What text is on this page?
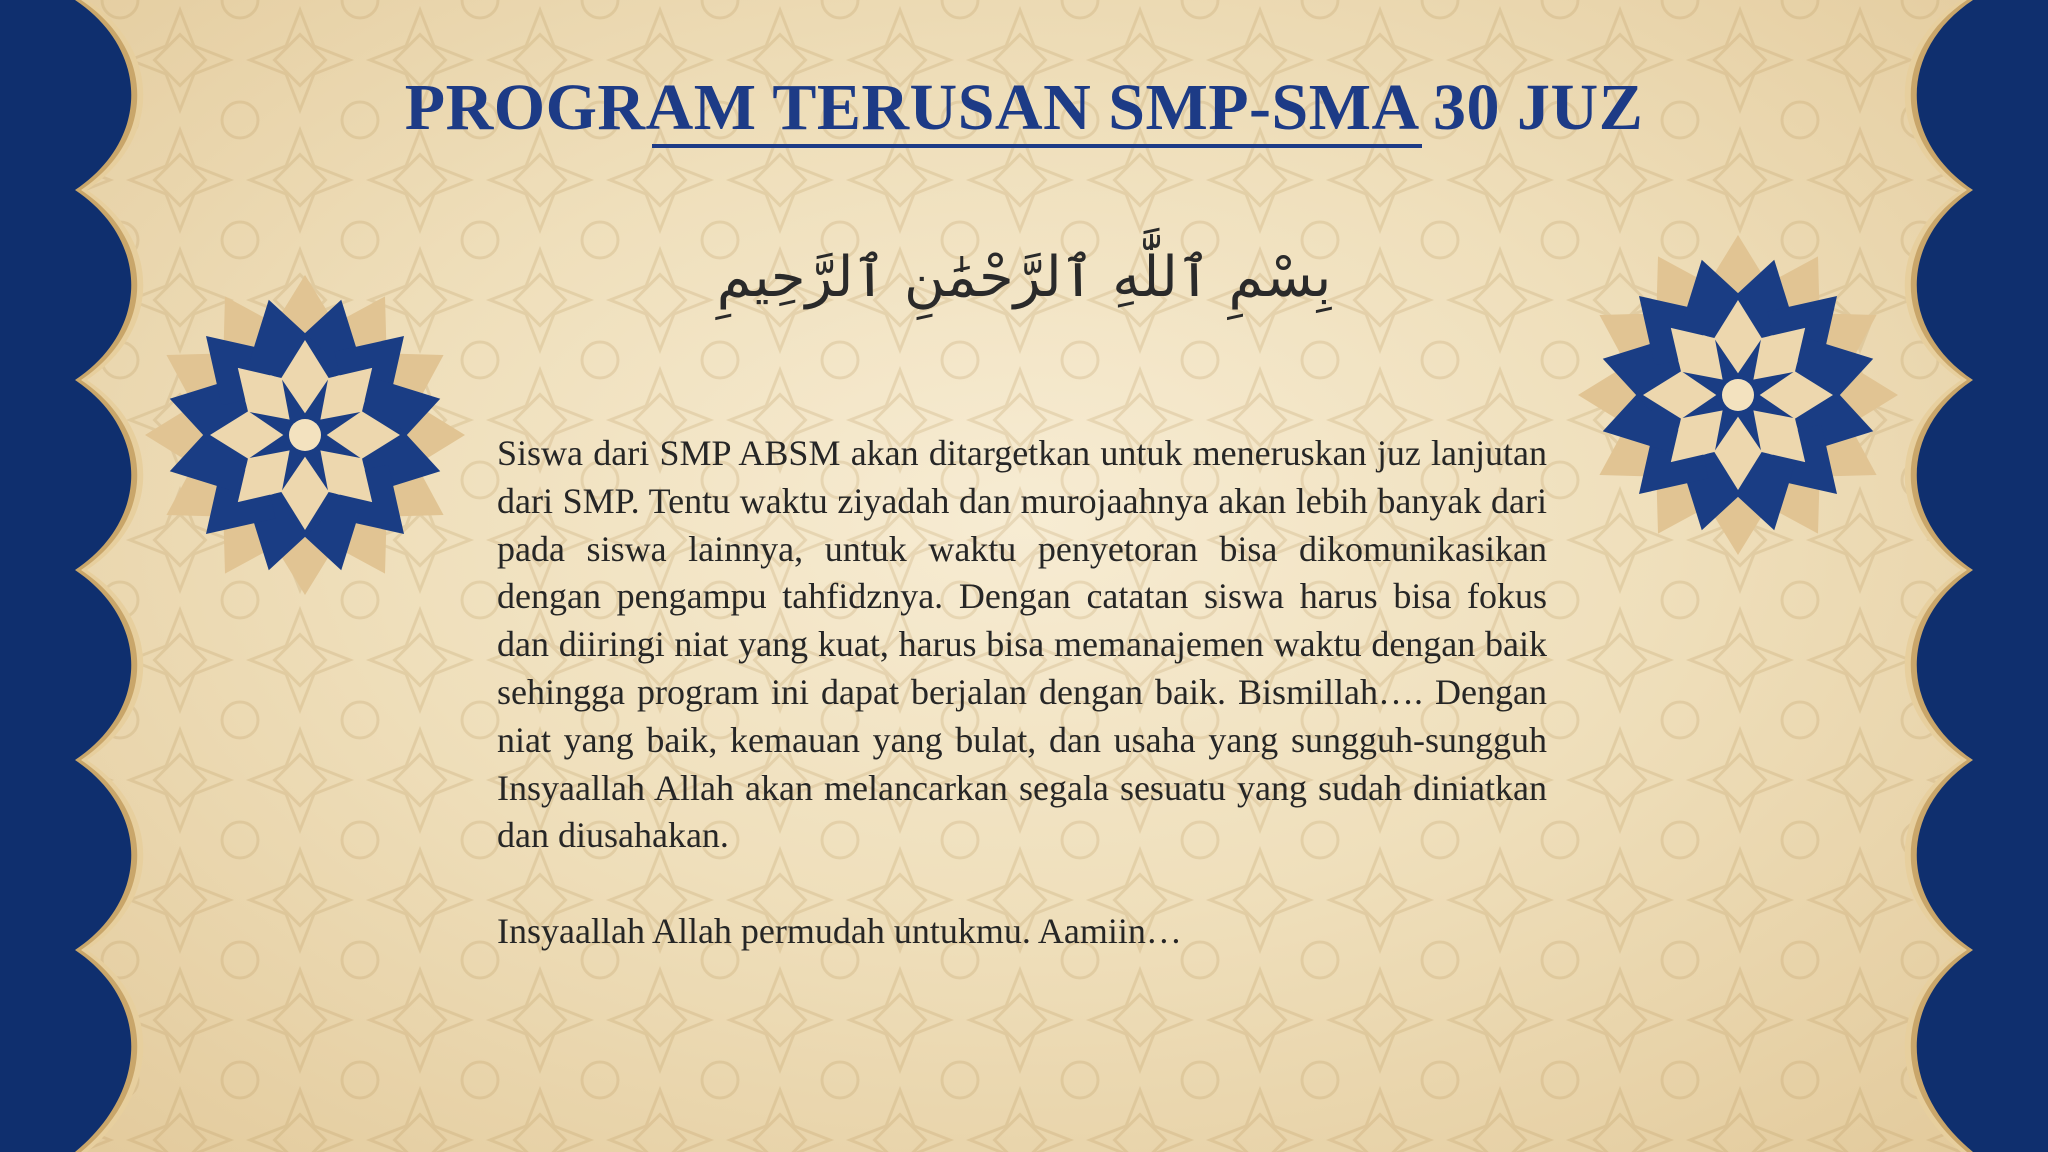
PROGRAM TERUSAN SMP-SMA 30 JUZ
بِسْمِ ٱللَّٰهِ ٱلرَّحْمَٰنِ ٱلرَّحِيمِ

Siswa dari SMP ABSM akan ditargetkan untuk meneruskan juz lanjutan dari SMP. Tentu waktu ziyadah dan murojaahnya akan lebih banyak dari pada siswa lainnya, untuk waktu penyetoran bisa dikomunikasikan dengan pengampu tahfidznya. Dengan catatan siswa harus bisa fokus dan diiringi niat yang kuat, harus bisa memanajemen waktu dengan baik sehingga program ini dapat berjalan dengan baik. Bismillah…. Dengan niat yang baik, kemauan yang bulat, dan usaha yang sungguh-sungguh Insyaallah Allah akan melancarkan segala sesuatu yang sudah diniatkan dan diusahakan.

Insyaallah Allah permudah untukmu. Aamiin…
